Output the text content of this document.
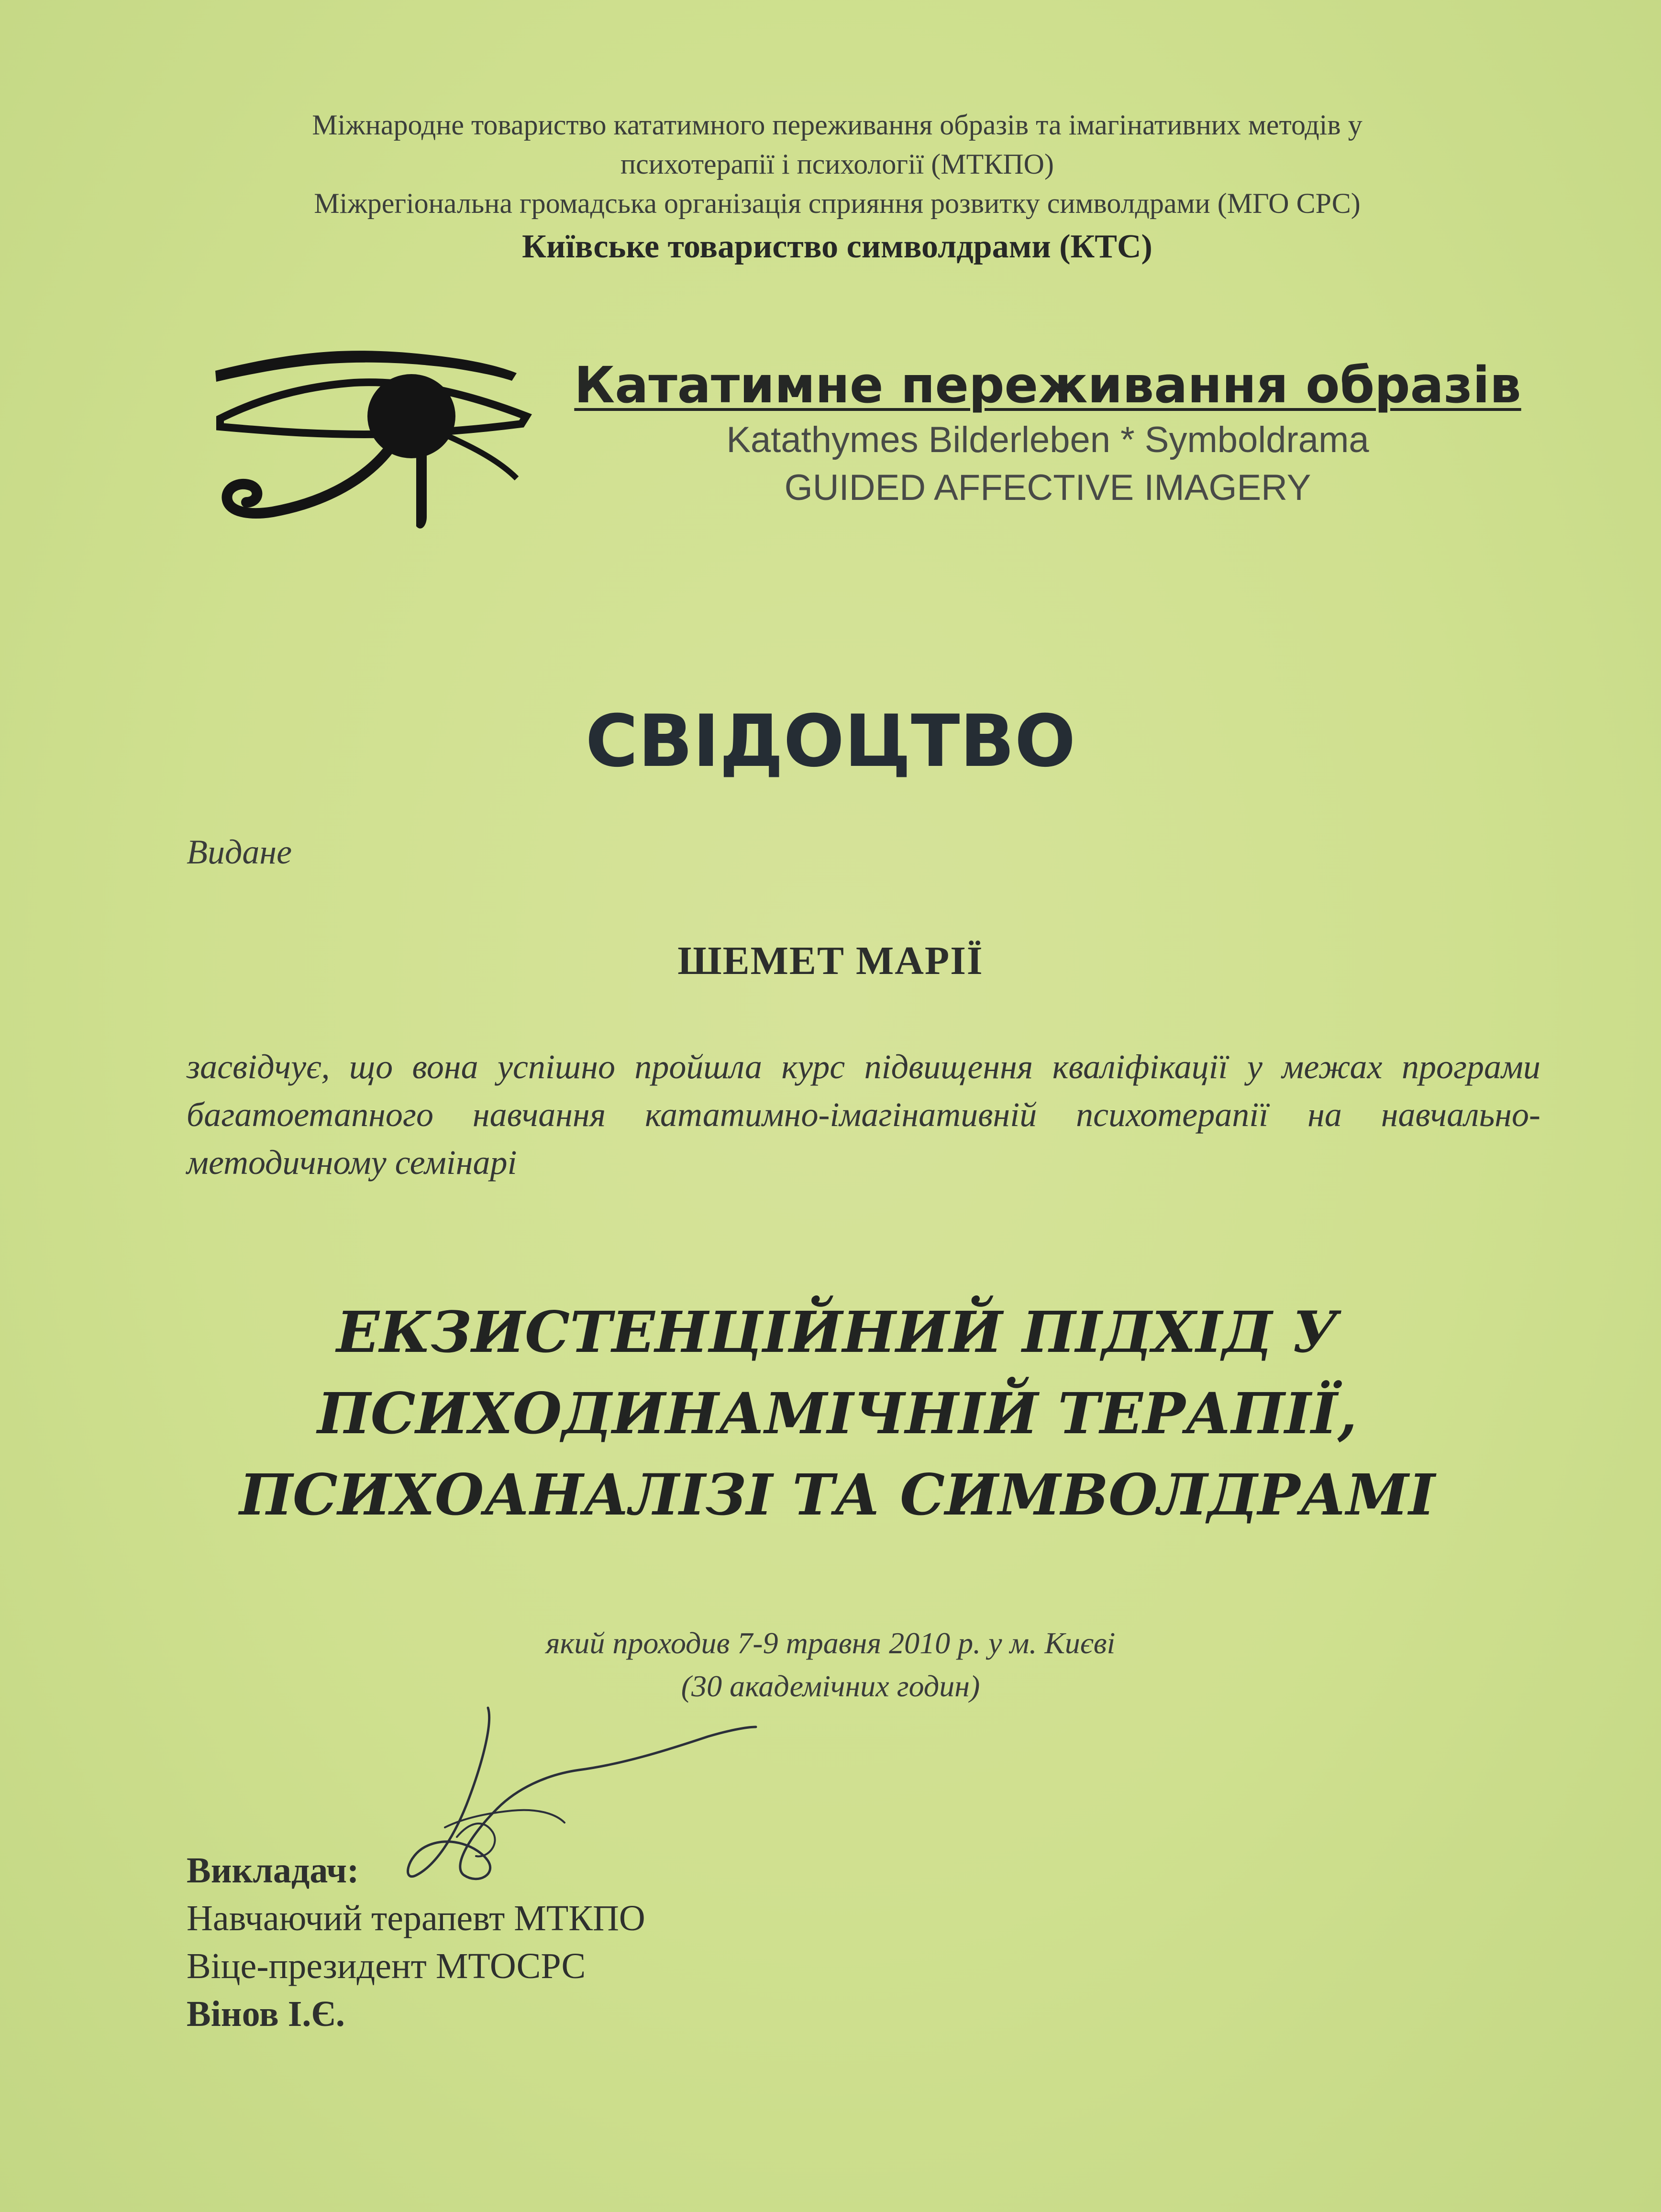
Міжнародне товариство кататимного переживання образів та імагінативних методів у
психотерапії і психології (МТКПО)
Міжрегіональна громадська організація сприяння розвитку символдрами (МГО СРС)
Київське товариство символдрами (КТС)
Кататимне переживання образів
Katathymes Bilderleben * Symboldrama
GUIDED AFFECTIVE IMAGERY
СВІДОЦТВО
Видане
ШЕМЕТ МАРІЇ
засвідчує, що вона успішно пройшла курс підвищення кваліфікації у межах програми багатоетапного навчання кататимно-імагінативній психотерапії на навчально-методичному семінарі
ЕКЗИСТЕНЦІЙНИЙ ПІДХІД У
ПСИХОДИНАМІЧНІЙ ТЕРАПІЇ,
ПСИХОАНАЛІЗІ ТА СИМВОЛДРАМІ
який проходив 7-9 травня 2010 р. у м. Києві
(30 академічних годин)
Викладач:
Навчаючий терапевт МТКПО
Віце-президент МТОСРС
Вінов І.Є.
